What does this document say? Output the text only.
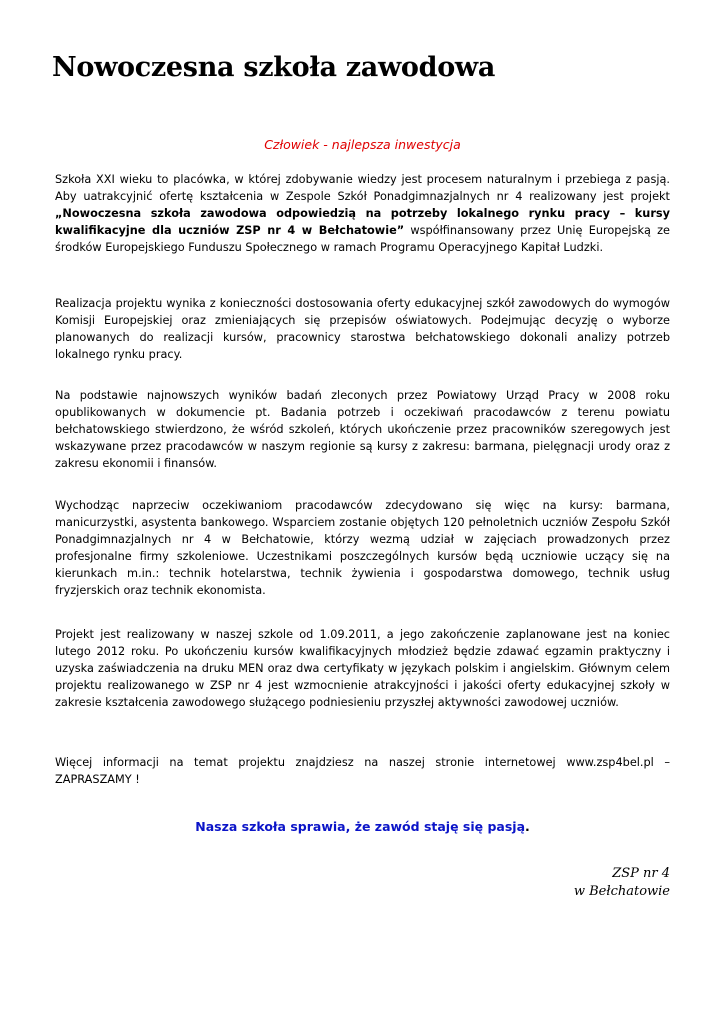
Nowoczesna szkoła zawodowa
Człowiek - najlepsza inwestycja

Szkoła XXI wieku to placówka, w której zdobywanie wiedzy jest procesem naturalnym i przebiega z pasją. Aby uatrakcyjnić ofertę kształcenia w Zespole Szkół Ponadgimnazjalnych nr 4 realizowany jest projekt „Nowoczesna szkoła zawodowa odpowiedzią na potrzeby lokalnego rynku pracy – kursy kwalifikacyjne dla uczniów ZSP nr 4 w Bełchatowie” współfinansowany przez Unię Europejską ze środków Europejskiego Funduszu Społecznego w ramach Programu Operacyjnego Kapitał Ludzki.

Realizacja projektu wynika z konieczności dostosowania oferty edukacyjnej szkół zawodowych do wymogów Komisji Europejskiej oraz zmieniających się przepisów oświatowych. Podejmując decyzję o wyborze planowanych do realizacji kursów, pracownicy starostwa bełchatowskiego dokonali analizy potrzeb lokalnego rynku pracy.

Na podstawie najnowszych wyników badań zleconych przez Powiatowy Urząd Pracy w 2008 roku opublikowanych w dokumencie pt. Badania potrzeb i oczekiwań pracodawców z terenu powiatu bełchatowskiego stwierdzono, że wśród szkoleń, których ukończenie przez pracowników szeregowych jest wskazywane przez pracodawców w naszym regionie są kursy z zakresu: barmana, pielęgnacji urody oraz z zakresu ekonomii i finansów.

Wychodząc naprzeciw oczekiwaniom pracodawców zdecydowano się więc na kursy: barmana, manicurzystki, asystenta bankowego. Wsparciem zostanie objętych 120 pełnoletnich uczniów Zespołu Szkół Ponadgimnazjalnych nr 4 w Bełchatowie, którzy wezmą udział w zajęciach prowadzonych przez profesjonalne firmy szkoleniowe. Uczestnikami poszczególnych kursów będą uczniowie uczący się na kierunkach m.in.: technik hotelarstwa, technik żywienia i gospodarstwa domowego, technik usług fryzjerskich oraz technik ekonomista.

Projekt jest realizowany w naszej szkole od 1.09.2011, a jego zakończenie zaplanowane jest na koniec lutego 2012 roku. Po ukończeniu kursów kwalifikacyjnych młodzież będzie zdawać egzamin praktyczny i uzyska zaświadczenia na druku MEN oraz dwa certyfikaty w językach polskim i angielskim. Głównym celem projektu realizowanego w ZSP nr 4 jest wzmocnienie atrakcyjności i jakości oferty edukacyjnej szkoły w zakresie kształcenia zawodowego służącego podniesieniu przyszłej aktywności zawodowej uczniów.

Więcej informacji na temat projektu znajdziesz na naszej stronie internetowej www.zsp4bel.pl – ZAPRASZAMY !

Nasza szkoła sprawia, że zawód staję się pasją.
ZSP nr 4
w Bełchatowie
